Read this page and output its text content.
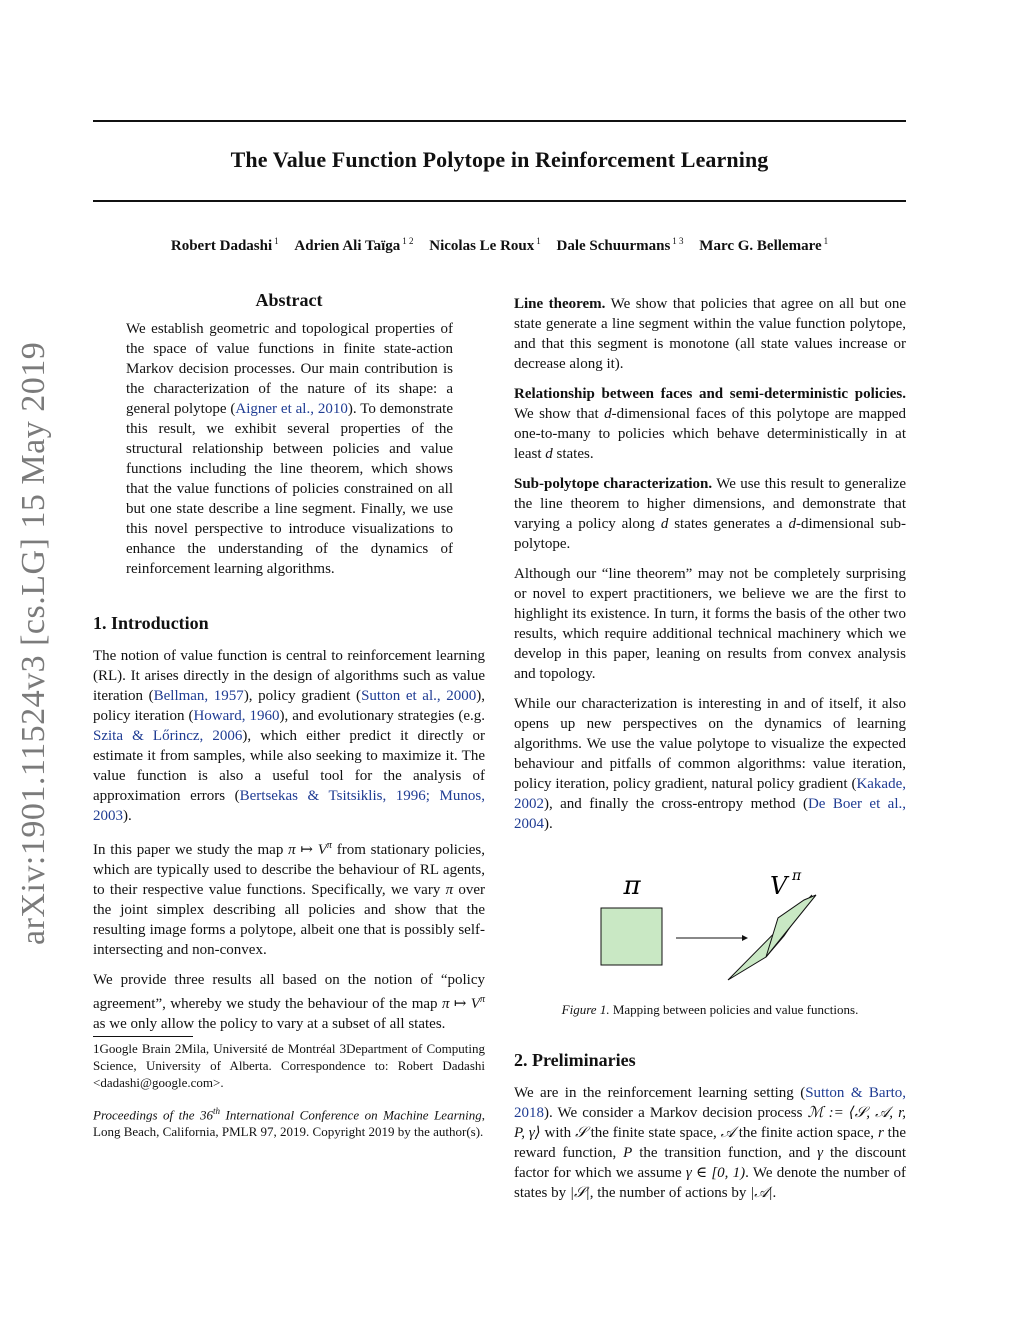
The Value Function Polytope in Reinforcement Learning
Robert Dadashi $^1$ Adrien Ali Taïga $^{1 2}$ Nicolas Le Roux $^1$ Dale Schuurmans $^{1 3}$ Marc G. Bellemare $^1$
arXiv:1901.11524v3 [cs.LG] 15 May 2019
Abstract

We establish geometric and topological properties of the space of value functions in finite state-action Markov decision processes. Our main contribution is the characterization of the nature of its shape: a general polytope (Aigner et al., 2010). To demonstrate this result, we exhibit several properties of the structural relationship between policies and value functions including the line theorem, which shows that the value functions of policies constrained on all but one state describe a line segment. Finally, we use this novel perspective to introduce visualizations to enhance the understanding of the dynamics of reinforcement learning algorithms.

1. Introduction

The notion of value function is central to reinforcement learning (RL). It arises directly in the design of algorithms such as value iteration (Bellman, 1957), policy gradient (Sutton et al., 2000), policy iteration (Howard, 1960), and evolutionary strategies (e.g. Szita & Lőrincz, 2006), which either predict it directly or estimate it from samples, while also seeking to maximize it. The value function is also a useful tool for the analysis of approximation errors (Bertsekas & Tsitsiklis, 1996; Munos, 2003).

In this paper we study the map π ↦ $V^\pi$ from stationary policies, which are typically used to describe the behaviour of RL agents, to their respective value functions. Specifically, we vary π over the joint simplex describing all policies and show that the resulting image forms a polytope, albeit one that is possibly self-intersecting and non-convex.

We provide three results all based on the notion of “policy agreement”, whereby we study the behaviour of the map π ↦ $V^\pi$ as we only allow the policy to vary at a subset of all states.

1Google Brain 2Mila, Université de Montréal 3Department of Computing Science, University of Alberta. Correspondence to: Robert Dadashi <dadashi@google.com>.

Proceedings of the 36th International Conference on Machine Learning, Long Beach, California, PMLR 97, 2019. Copyright 2019 by the author(s).

Line theorem. We show that policies that agree on all but one state generate a line segment within the value function polytope, and that this segment is monotone (all state values increase or decrease along it).

Relationship between faces and semi-deterministic policies. We show that d-dimensional faces of this polytope are mapped one-to-many to policies which behave deterministically in at least d states.

Sub-polytope characterization. We use this result to generalize the line theorem to higher dimensions, and demonstrate that varying a policy along d states generates a d-dimensional sub-polytope.

Although our “line theorem” may not be completely surprising or novel to expert practitioners, we believe we are the first to highlight its existence. In turn, it forms the basis of the other two results, which require additional technical machinery which we develop in this paper, leaning on results from convex analysis and topology.

While our characterization is interesting in and of itself, it also opens up new perspectives on the dynamics of learning algorithms. We use the value polytope to visualize the expected behaviour and pitfalls of common algorithms: value iteration, policy iteration, policy gradient, natural policy gradient (Kakade, 2002), and finally the cross-entropy method (De Boer et al., 2004).

π	V π

Figure 1. Mapping between policies and value functions.

2. Preliminaries

We are in the reinforcement learning setting (Sutton & Barto, 2018). We consider a Markov decision process ℳ := ⟨𝒮, 𝒜, r, P, γ⟩ with 𝒮 the finite state space, 𝒜 the finite action space, r the reward function, P the transition function, and γ the discount factor for which we assume γ ∈ [0, 1). We denote the number of states by |𝒮|, the number of actions by |𝒜|.
